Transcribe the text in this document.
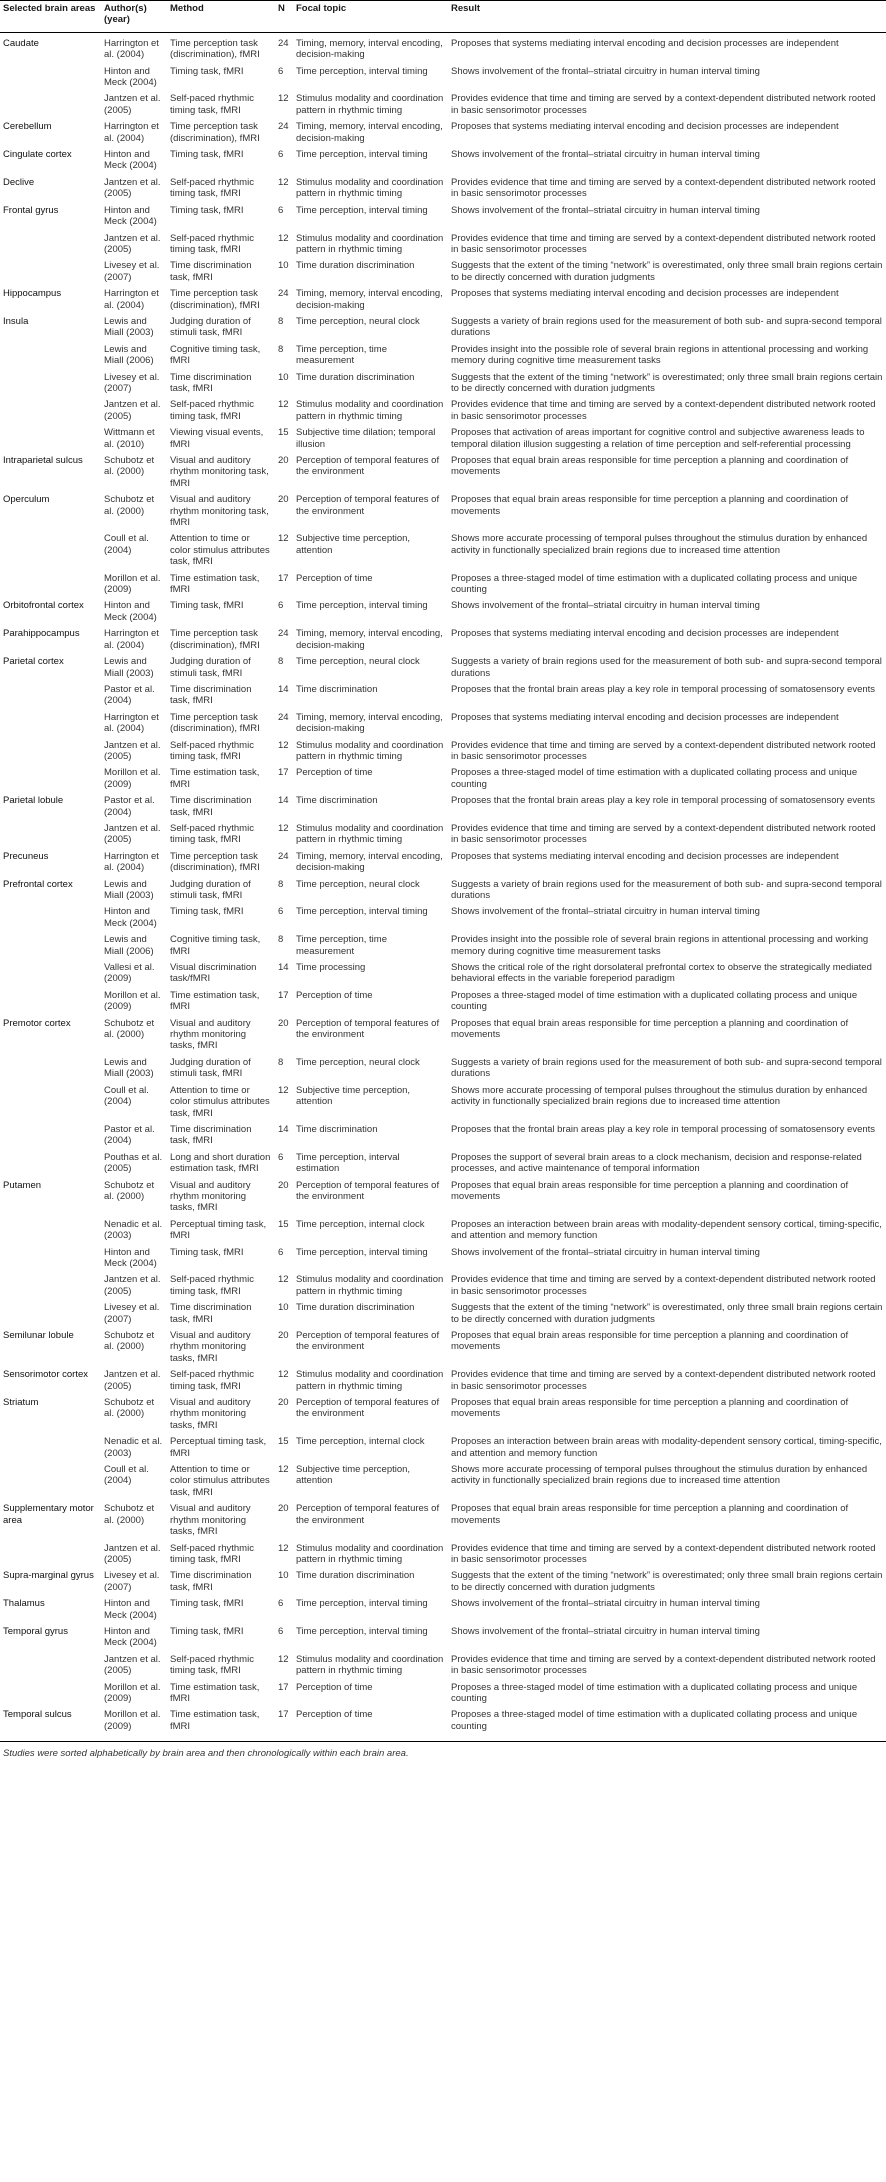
Selected brain areas	Author(s) (year)	Method	N	Focal topic	Result
Caudate	Harrington et al. (2004)	Time perception task (discrimination), fMRI	24	Timing, memory, interval encoding, decision-making	Proposes that systems mediating interval encoding and decision processes are independent
	Hinton and Meck (2004)	Timing task, fMRI	6	Time perception, interval timing	Shows involvement of the frontal–striatal circuitry in human interval timing
	Jantzen et al. (2005)	Self-paced rhythmic timing task, fMRI	12	Stimulus modality and coordination pattern in rhythmic timing	Provides evidence that time and timing are served by a context-dependent distributed network rooted in basic sensorimotor processes
Cerebellum	Harrington et al. (2004)	Time perception task (discrimination), fMRI	24	Timing, memory, interval encoding, decision-making	Proposes that systems mediating interval encoding and decision processes are independent
Cingulate cortex	Hinton and Meck (2004)	Timing task, fMRI	6	Time perception, interval timing	Shows involvement of the frontal–striatal circuitry in human interval timing
Declive	Jantzen et al. (2005)	Self-paced rhythmic timing task, fMRI	12	Stimulus modality and coordination pattern in rhythmic timing	Provides evidence that time and timing are served by a context-dependent distributed network rooted in basic sensorimotor processes
Frontal gyrus	Hinton and Meck (2004)	Timing task, fMRI	6	Time perception, interval timing	Shows involvement of the frontal–striatal circuitry in human interval timing
	Jantzen et al. (2005)	Self-paced rhythmic timing task, fMRI	12	Stimulus modality and coordination pattern in rhythmic timing	Provides evidence that time and timing are served by a context-dependent distributed network rooted in basic sensorimotor processes
	Livesey et al. (2007)	Time discrimination task, fMRI	10	Time duration discrimination	Suggests that the extent of the timing “network” is overestimated, only three small brain regions certain to be directly concerned with duration judgments
Hippocampus	Harrington et al. (2004)	Time perception task (discrimination), fMRI	24	Timing, memory, interval encoding, decision-making	Proposes that systems mediating interval encoding and decision processes are independent
Insula	Lewis and Miall (2003)	Judging duration of stimuli task, fMRI	8	Time perception, neural clock	Suggests a variety of brain regions used for the measurement of both sub- and supra-second temporal durations
	Lewis and Miall (2006)	Cognitive timing task, fMRI	8	Time perception, time measurement	Provides insight into the possible role of several brain regions in attentional processing and working memory during cognitive time measurement tasks
	Livesey et al. (2007)	Time discrimination task, fMRI	10	Time duration discrimination	Suggests that the extent of the timing “network” is overestimated; only three small brain regions certain to be directly concerned with duration judgments
	Jantzen et al. (2005)	Self-paced rhythmic timing task, fMRI	12	Stimulus modality and coordination pattern in rhythmic timing	Provides evidence that time and timing are served by a context-dependent distributed network rooted in basic sensorimotor processes
	Wittmann et al. (2010)	Viewing visual events, fMRI	15	Subjective time dilation; temporal illusion	Proposes that activation of areas important for cognitive control and subjective awareness leads to temporal dilation illusion suggesting a relation of time perception and self-referential processing
Intraparietal sulcus	Schubotz et al. (2000)	Visual and auditory rhythm monitoring task, fMRI	20	Perception of temporal features of the environment	Proposes that equal brain areas responsible for time perception a planning and coordination of movements
Operculum	Schubotz et al. (2000)	Visual and auditory rhythm monitoring task, fMRI	20	Perception of temporal features of the environment	Proposes that equal brain areas responsible for time perception a planning and coordination of movements
	Coull et al. (2004)	Attention to time or color stimulus attributes task, fMRI	12	Subjective time perception, attention	Shows more accurate processing of temporal pulses throughout the stimulus duration by enhanced activity in functionally specialized brain regions due to increased time attention
	Morillon et al. (2009)	Time estimation task, fMRI	17	Perception of time	Proposes a three-staged model of time estimation with a duplicated collating process and unique counting
Orbitofrontal cortex	Hinton and Meck (2004)	Timing task, fMRI	6	Time perception, interval timing	Shows involvement of the frontal–striatal circuitry in human interval timing
Parahippocampus	Harrington et al. (2004)	Time perception task (discrimination), fMRI	24	Timing, memory, interval encoding, decision-making	Proposes that systems mediating interval encoding and decision processes are independent
Parietal cortex	Lewis and Miall (2003)	Judging duration of stimuli task, fMRI	8	Time perception, neural clock	Suggests a variety of brain regions used for the measurement of both sub- and supra-second temporal durations
	Pastor et al. (2004)	Time discrimination task, fMRI	14	Time discrimination	Proposes that the frontal brain areas play a key role in temporal processing of somatosensory events
	Harrington et al. (2004)	Time perception task (discrimination), fMRI	24	Timing, memory, interval encoding, decision-making	Proposes that systems mediating interval encoding and decision processes are independent
	Jantzen et al. (2005)	Self-paced rhythmic timing task, fMRI	12	Stimulus modality and coordination pattern in rhythmic timing	Provides evidence that time and timing are served by a context-dependent distributed network rooted in basic sensorimotor processes
	Morillon et al. (2009)	Time estimation task, fMRI	17	Perception of time	Proposes a three-staged model of time estimation with a duplicated collating process and unique counting
Parietal lobule	Pastor et al. (2004)	Time discrimination task, fMRI	14	Time discrimination	Proposes that the frontal brain areas play a key role in temporal processing of somatosensory events
	Jantzen et al. (2005)	Self-paced rhythmic timing task, fMRI	12	Stimulus modality and coordination pattern in rhythmic timing	Provides evidence that time and timing are served by a context-dependent distributed network rooted in basic sensorimotor processes
Precuneus	Harrington et al. (2004)	Time perception task (discrimination), fMRI	24	Timing, memory, interval encoding, decision-making	Proposes that systems mediating interval encoding and decision processes are independent
Prefrontal cortex	Lewis and Miall (2003)	Judging duration of stimuli task, fMRI	8	Time perception, neural clock	Suggests a variety of brain regions used for the measurement of both sub- and supra-second temporal durations
	Hinton and Meck (2004)	Timing task, fMRI	6	Time perception, interval timing	Shows involvement of the frontal–striatal circuitry in human interval timing
	Lewis and Miall (2006)	Cognitive timing task, fMRI	8	Time perception, time measurement	Provides insight into the possible role of several brain regions in attentional processing and working memory during cognitive time measurement tasks
	Vallesi et al. (2009)	Visual discrimination task/fMRI	14	Time processing	Shows the critical role of the right dorsolateral prefrontal cortex to observe the strategically mediated behavioral effects in the variable foreperiod paradigm
	Morillon et al. (2009)	Time estimation task, fMRI	17	Perception of time	Proposes a three-staged model of time estimation with a duplicated collating process and unique counting
Premotor cortex	Schubotz et al. (2000)	Visual and auditory rhythm monitoring tasks, fMRI	20	Perception of temporal features of the environment	Proposes that equal brain areas responsible for time perception a planning and coordination of movements
	Lewis and Miall (2003)	Judging duration of stimuli task, fMRI	8	Time perception, neural clock	Suggests a variety of brain regions used for the measurement of both sub- and supra-second temporal durations
	Coull et al. (2004)	Attention to time or color stimulus attributes task, fMRI	12	Subjective time perception, attention	Shows more accurate processing of temporal pulses throughout the stimulus duration by enhanced activity in functionally specialized brain regions due to increased time attention
	Pastor et al. (2004)	Time discrimination task, fMRI	14	Time discrimination	Proposes that the frontal brain areas play a key role in temporal processing of somatosensory events
	Pouthas et al. (2005)	Long and short duration estimation task, fMRI	6	Time perception, interval estimation	Proposes the support of several brain areas to a clock mechanism, decision and response-related processes, and active maintenance of temporal information
Putamen	Schubotz et al. (2000)	Visual and auditory rhythm monitoring tasks, fMRI	20	Perception of temporal features of the environment	Proposes that equal brain areas responsible for time perception a planning and coordination of movements
	Nenadic et al. (2003)	Perceptual timing task, fMRI	15	Time perception, internal clock	Proposes an interaction between brain areas with modality-dependent sensory cortical, timing-specific, and attention and memory function
	Hinton and Meck (2004)	Timing task, fMRI	6	Time perception, interval timing	Shows involvement of the frontal–striatal circuitry in human interval timing
	Jantzen et al. (2005)	Self-paced rhythmic timing task, fMRI	12	Stimulus modality and coordination pattern in rhythmic timing	Provides evidence that time and timing are served by a context-dependent distributed network rooted in basic sensorimotor processes
	Livesey et al. (2007)	Time discrimination task, fMRI	10	Time duration discrimination	Suggests that the extent of the timing “network” is overestimated, only three small brain regions certain to be directly concerned with duration judgments
Semilunar lobule	Schubotz et al. (2000)	Visual and auditory rhythm monitoring tasks, fMRI	20	Perception of temporal features of the environment	Proposes that equal brain areas responsible for time perception a planning and coordination of movements
Sensorimotor cortex	Jantzen et al. (2005)	Self-paced rhythmic timing task, fMRI	12	Stimulus modality and coordination pattern in rhythmic timing	Provides evidence that time and timing are served by a context-dependent distributed network rooted in basic sensorimotor processes
Striatum	Schubotz et al. (2000)	Visual and auditory rhythm monitoring tasks, fMRI	20	Perception of temporal features of the environment	Proposes that equal brain areas responsible for time perception a planning and coordination of movements
	Nenadic et al. (2003)	Perceptual timing task, fMRI	15	Time perception, internal clock	Proposes an interaction between brain areas with modality-dependent sensory cortical, timing-specific, and attention and memory function
	Coull et al. (2004)	Attention to time or color stimulus attributes task, fMRI	12	Subjective time perception, attention	Shows more accurate processing of temporal pulses throughout the stimulus duration by enhanced activity in functionally specialized brain regions due to increased time attention
Supplementary motor area	Schubotz et al. (2000)	Visual and auditory rhythm monitoring tasks, fMRI	20	Perception of temporal features of the environment	Proposes that equal brain areas responsible for time perception a planning and coordination of movements
	Jantzen et al. (2005)	Self-paced rhythmic timing task, fMRI	12	Stimulus modality and coordination pattern in rhythmic timing	Provides evidence that time and timing are served by a context-dependent distributed network rooted in basic sensorimotor processes
Supra-marginal gyrus	Livesey et al. (2007)	Time discrimination task, fMRI	10	Time duration discrimination	Suggests that the extent of the timing “network” is overestimated; only three small brain regions certain to be directly concerned with duration judgments
Thalamus	Hinton and Meck (2004)	Timing task, fMRI	6	Time perception, interval timing	Shows involvement of the frontal–striatal circuitry in human interval timing
Temporal gyrus	Hinton and Meck (2004)	Timing task, fMRI	6	Time perception, interval timing	Shows involvement of the frontal–striatal circuitry in human interval timing
	Jantzen et al. (2005)	Self-paced rhythmic timing task, fMRI	12	Stimulus modality and coordination pattern in rhythmic timing	Provides evidence that time and timing are served by a context-dependent distributed network rooted in basic sensorimotor processes
	Morillon et al. (2009)	Time estimation task, fMRI	17	Perception of time	Proposes a three-staged model of time estimation with a duplicated collating process and unique counting
Temporal sulcus	Morillon et al. (2009)	Time estimation task, fMRI	17	Perception of time	Proposes a three-staged model of time estimation with a duplicated collating process and unique counting
Studies were sorted alphabetically by brain area and then chronologically within each brain area.
